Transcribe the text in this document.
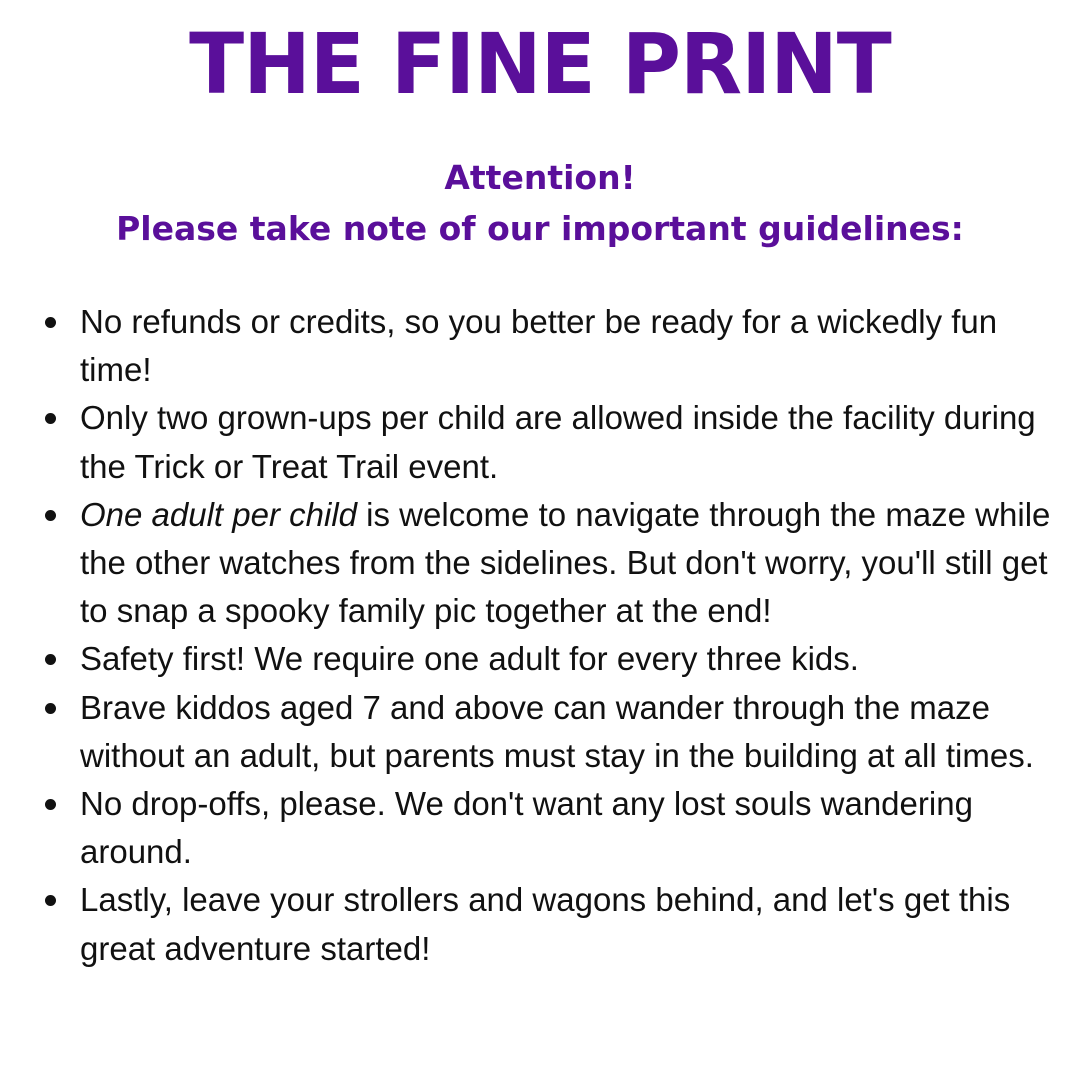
THE FINE PRINT
Attention!
Please take note of our important guidelines:
No refunds or credits, so you better be ready for a wickedly fun time!
Only two grown-ups per child are allowed inside the facility during the Trick or Treat Trail event.
One adult per child is welcome to navigate through the maze while the other watches from the sidelines. But don't worry, you'll still get to snap a spooky family pic together at the end!
Safety first! We require one adult for every three kids.
Brave kiddos aged 7 and above can wander through the maze without an adult, but parents must stay in the building at all times.
No drop-offs, please. We don't want any lost souls wandering around.
Lastly, leave your strollers and wagons behind, and let's get this great adventure started!
